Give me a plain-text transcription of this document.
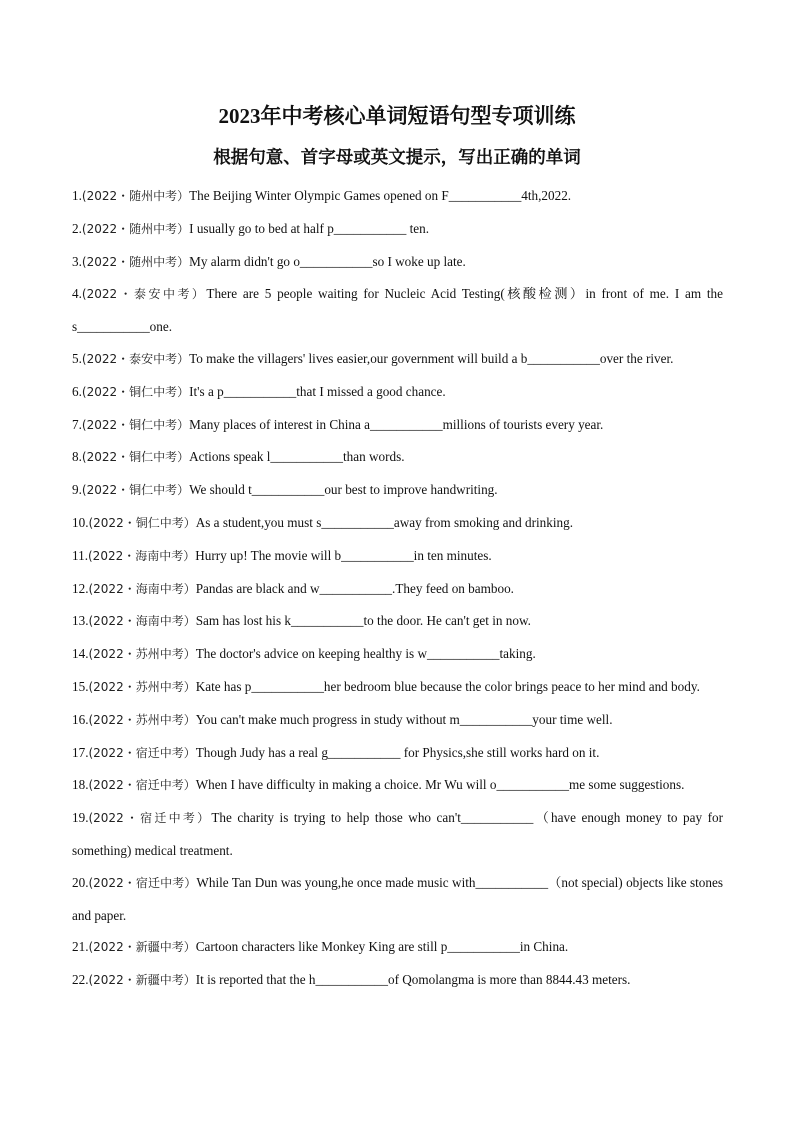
2023年中考核心单词短语句型专项训练
根据句意、首字母或英文提示，写出正确的单词

1.(2022・随州中考）The Beijing Winter Olympic Games opened on F___________4th,2022.

2.(2022・随州中考）I usually go to bed at half p___________ ten.

3.(2022・随州中考）My alarm didn't go o___________so I woke up late.

4.(2022・泰安中考）There are 5 people waiting for Nucleic Acid Testing(核酸检测）in front of me. I am the s___________one.

5.(2022・泰安中考）To make the villagers' lives easier,our government will build a b___________over the river.

6.(2022・铜仁中考）It's a p___________that I missed a good chance.

7.(2022・铜仁中考）Many places of interest in China a___________millions of tourists every year.

8.(2022・铜仁中考）Actions speak l___________than words.

9.(2022・铜仁中考）We should t___________our best to improve handwriting.

10.(2022・铜仁中考）As a student,you must s___________away from smoking and drinking.

11.(2022・海南中考）Hurry up! The movie will b___________in ten minutes.

12.(2022・海南中考）Pandas are black and w___________.They feed on bamboo.

13.(2022・海南中考）Sam has lost his k___________to the door. He can't get in now.

14.(2022・苏州中考）The doctor's advice on keeping healthy is w___________taking.

15.(2022・苏州中考）Kate has p___________her bedroom blue because the color brings peace to her mind and body.

16.(2022・苏州中考）You can't make much progress in study without m___________your time well.

17.(2022・宿迁中考）Though Judy has a real g___________ for Physics,she still works hard on it.

18.(2022・宿迁中考）When I have difficulty in making a choice. Mr Wu will o___________me some suggestions.

19.(2022・宿迁中考）The charity is trying to help those who can't___________（have enough money to pay for something) medical treatment.

20.(2022・宿迁中考）While Tan Dun was young,he once made music with___________（not special) objects like stones and paper.

21.(2022・新疆中考）Cartoon characters like Monkey King are still p___________in China.

22.(2022・新疆中考）It is reported that the h___________of Qomolangma is more than 8844.43 meters.
